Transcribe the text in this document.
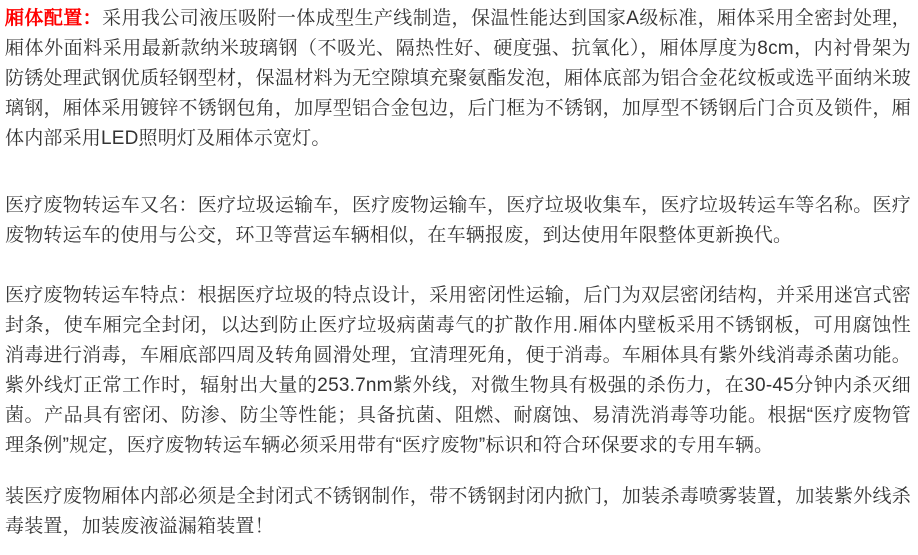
厢体配置：采用我公司液压吸附一体成型生产线制造，保温性能达到国家A级标准，厢体采用全密封处理， 厢体外面料采用最新款纳米玻璃钢（不吸光、隔热性好、硬度强、抗氧化），厢体厚度为8cm，内衬骨架为防锈处理武钢优质轻钢型材，保温材料为无空隙填充聚氨酯发泡，厢体底部为铝合金花纹板或选平面纳米玻璃钢，厢体采用镀锌不锈钢包角，加厚型铝合金包边，后门框为不锈钢，加厚型不锈钢后门合页及锁件，厢体内部采用LED照明灯及厢体示宽灯。

医疗废物转运车又名：医疗垃圾运输车，医疗废物运输车，医疗垃圾收集车，医疗垃圾转运车等名称。医疗废物转运车的使用与公交，环卫等营运车辆相似，在车辆报废，到达使用年限整体更新换代。

医疗废物转运车特点：根据医疗垃圾的特点设计，采用密闭性运输，后门为双层密闭结构，并采用迷宫式密封条，使车厢完全封闭，以达到防止医疗垃圾病菌毒气的扩散作用.厢体内壁板采用不锈钢板，可用腐蚀性消毒进行消毒，车厢底部四周及转角圆滑处理，宜清理死角，便于消毒。车厢体具有紫外线消毒杀菌功能。紫外线灯正常工作时，辐射出大量的253.7nm紫外线，对微生物具有极强的杀伤力，在30-45分钟内杀灭细菌。产品具有密闭、防渗、防尘等性能；具备抗菌、阻燃、耐腐蚀、易清洗消毒等功能。根据“医疗废物管理条例”规定，医疗废物转运车辆必须采用带有“医疗废物”标识和符合环保要求的专用车辆。

装医疗废物厢体内部必须是全封闭式不锈钢制作，带不锈钢封闭内掀门，加装杀毒喷雾装置，加装紫外线杀毒装置，加装废液溢漏箱装置！
